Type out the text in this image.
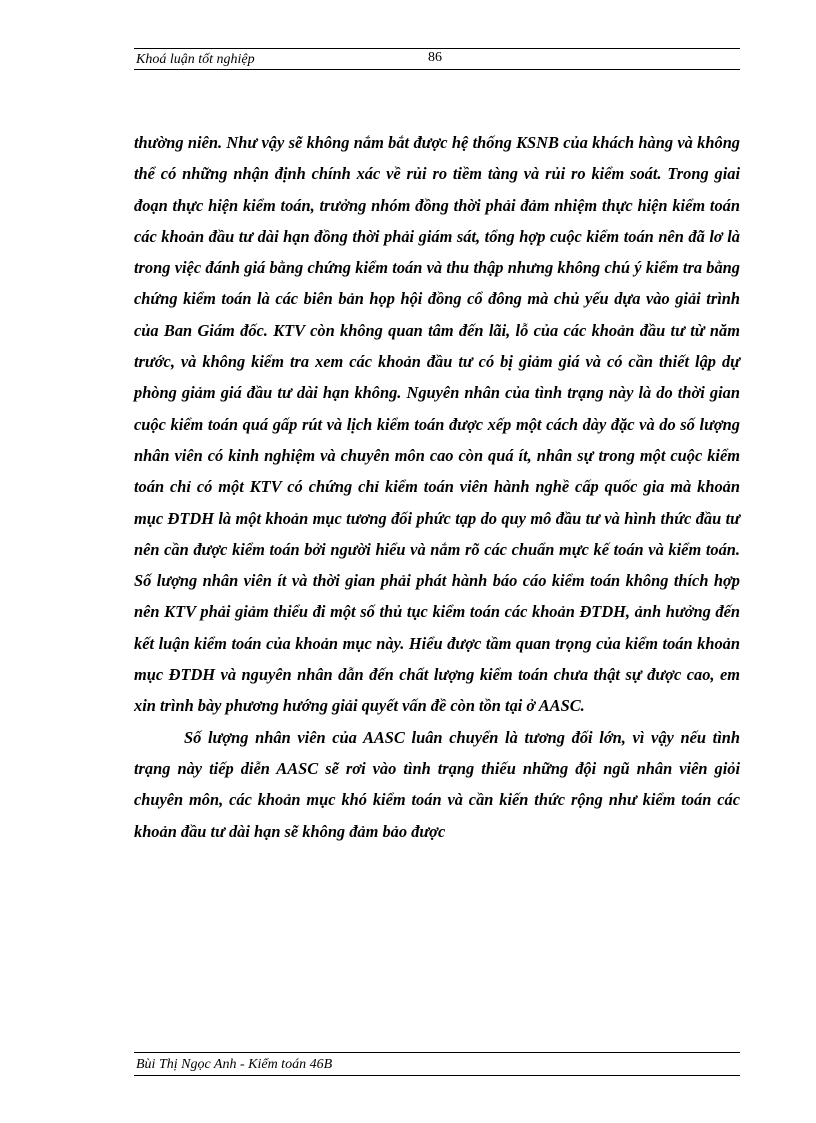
Khoá luận tốt nghiệp	86

thường niên. Như vậy sẽ không nắm bắt được hệ thống KSNB của khách hàng và không thể có những nhận định chính xác về rủi ro tiềm tàng và rủi ro kiểm soát. Trong giai đoạn thực hiện kiểm toán, trưởng nhóm đồng thời phải đảm nhiệm thực hiện kiểm toán các khoản đầu tư dài hạn đồng thời phải giám sát, tổng hợp cuộc kiểm toán nên đã lơ là trong việc đánh giá bằng chứng kiểm toán và thu thập nhưng không chú ý kiểm tra bằng chứng kiểm toán là các biên bản họp hội đồng cổ đông mà chủ yếu dựa vào giải trình của Ban Giám đốc. KTV còn không quan tâm đến lãi, lỗ của các khoản đầu tư từ năm trước, và không kiểm tra xem các khoản đầu tư có bị giảm giá và có cần thiết lập dự phòng giảm giá đầu tư dài hạn không. Nguyên nhân của tình trạng này là do thời gian cuộc kiểm toán quá gấp rút và lịch kiểm toán được xếp một cách dày đặc và do số lượng nhân viên có kinh nghiệm và chuyên môn cao còn quá ít, nhân sự trong một cuộc kiểm toán chỉ có một KTV có chứng chỉ kiểm toán viên hành nghề cấp quốc gia mà khoản mục ĐTDH là một khoản mục tương đối phức tạp do quy mô đầu tư và hình thức đầu tư nên cần được kiểm toán bởi người hiểu và nắm rõ các chuẩn mực kế toán và kiểm toán. Số lượng nhân viên ít và thời gian phải phát hành báo cáo kiểm toán không thích hợp nên KTV phải giảm thiểu đi một số thủ tục kiểm toán các khoản ĐTDH, ảnh hưởng đến kết luận kiểm toán của khoản mục này. Hiểu được tầm quan trọng của kiểm toán khoản mục ĐTDH và nguyên nhân dẫn đến chất lượng kiểm toán chưa thật sự được cao, em xin trình bày phương hướng giải quyết vấn đề còn tồn tại ở AASC.

Số lượng nhân viên của AASC luân chuyển là tương đối lớn, vì vậy nếu tình trạng này tiếp diễn AASC sẽ rơi vào tình trạng thiếu những đội ngũ nhân viên giỏi chuyên môn, các khoản mục khó kiểm toán và cần kiến thức rộng như kiểm toán các khoản đầu tư dài hạn sẽ không đảm bảo được

Bùi Thị Ngọc Anh - Kiểm toán 46B
